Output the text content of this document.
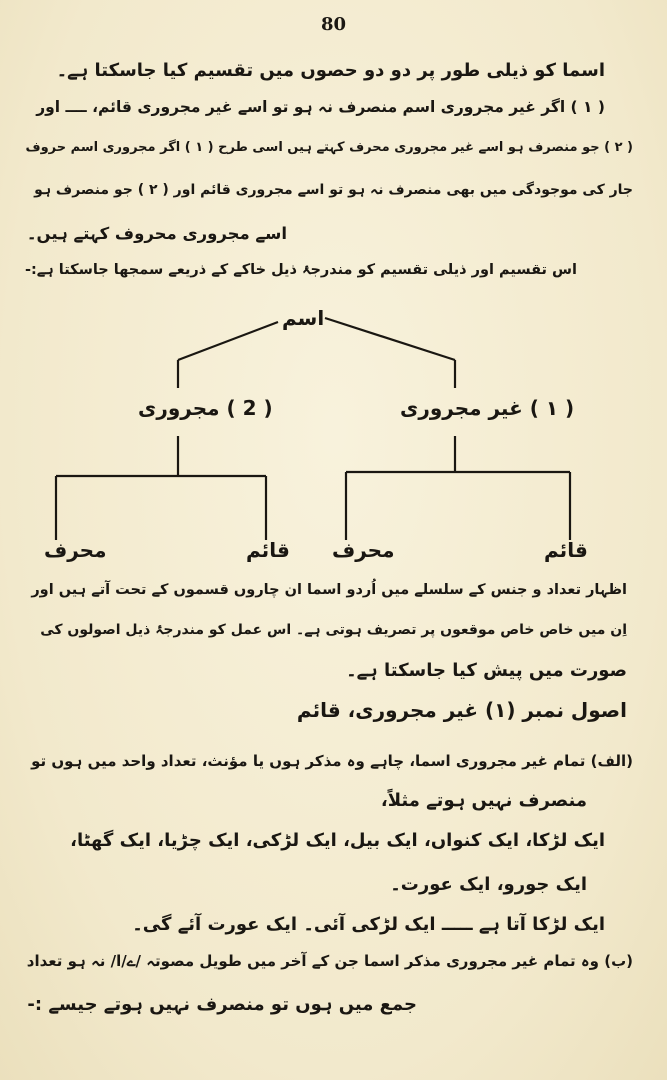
80
اسما کو ذیلی طور پر دو دو حصوں میں تقسیم کیا جاسکتا ہے۔
( ۱ ) اگر غیر مجروری اسم منصرف نہ ہو تو اسے غیر مجروری قائم، ــــ اور
( ۲ ) جو منصرف ہو اسے غیر مجروری محرف کہتے ہیں اسی طرح ( ۱ ) اگر مجروری اسم حروف
جار کی موجودگی میں بھی منصرف نہ ہو تو اسے مجروری قائم اور ( ۲ ) جو منصرف ہو
اسے مجروری محروف کہتے ہیں۔
اس تقسیم اور ذیلی تقسیم کو مندرجۂ ذیل خاکے کے ذریعے سمجھا جاسکتا ہے:-
اسم
( 2 ) مجروری	( ۱ ) غیر مجروری
محرف	قائم محرف	قائم
اظہار تعداد و جنس کے سلسلے میں اُردو اسما ان چاروں قسموں کے تحت آتے ہیں اور
اِن میں خاص خاص موقعوں پر تصریف ہوتی ہے۔ اس عمل کو مندرجۂ ذیل اصولوں کی
صورت میں پیش کیا جاسکتا ہے۔
اصول نمبر (۱) غیر مجروری، قائم
(الف) تمام غیر مجروری اسما، چاہے وہ مذکر ہوں یا مؤنث، تعداد واحد میں ہوں تو
منصرف نہیں ہوتے مثلاً،
ایک لڑکا، ایک کنواں، ایک بیل، ایک لڑکی، ایک چڑیا، ایک گھٹا،
ایک جورو، ایک عورت۔
ایک لڑکا آتا ہے ـــــ ایک لڑکی آئی۔ ایک عورت آئے گی۔
(ب) وہ تمام غیر مجروری مذکر اسما جن کے آخر میں طویل مصوتہ /ے/ا/ نہ ہو تعداد
جمع میں ہوں تو منصرف نہیں ہوتے جیسے :-
